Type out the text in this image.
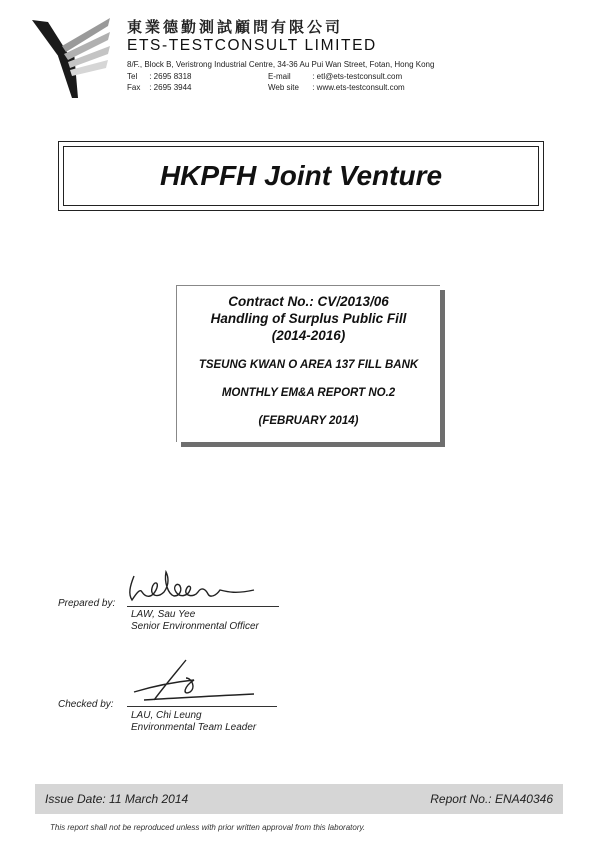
東業德勤測試顧問有限公司
ETS-TESTCONSULT LIMITED
8/F., Block B, Veristrong Industrial Centre, 34-36 Au Pui Wan Street, Fotan, Hong Kong
Tel : 2695 8318
Fax : 2695 3944
E-mail	: etl@ets-testconsult.com
Web site : www.ets-testconsult.com
HKPFH Joint Venture
Contract No.: CV/2013/06
Handling of Surplus Public Fill
(2014-2016)
TSEUNG KWAN O AREA 137 FILL BANK
MONTHLY EM&A REPORT NO.2
(FEBRUARY 2014)
Prepared by:
LAW, Sau Yee
Senior Environmental Officer
Checked by:
LAU, Chi Leung
Environmental Team Leader
Issue Date: 11 March 2014	Report No.: ENA40346
This report shall not be reproduced unless with prior written approval from this laboratory.
